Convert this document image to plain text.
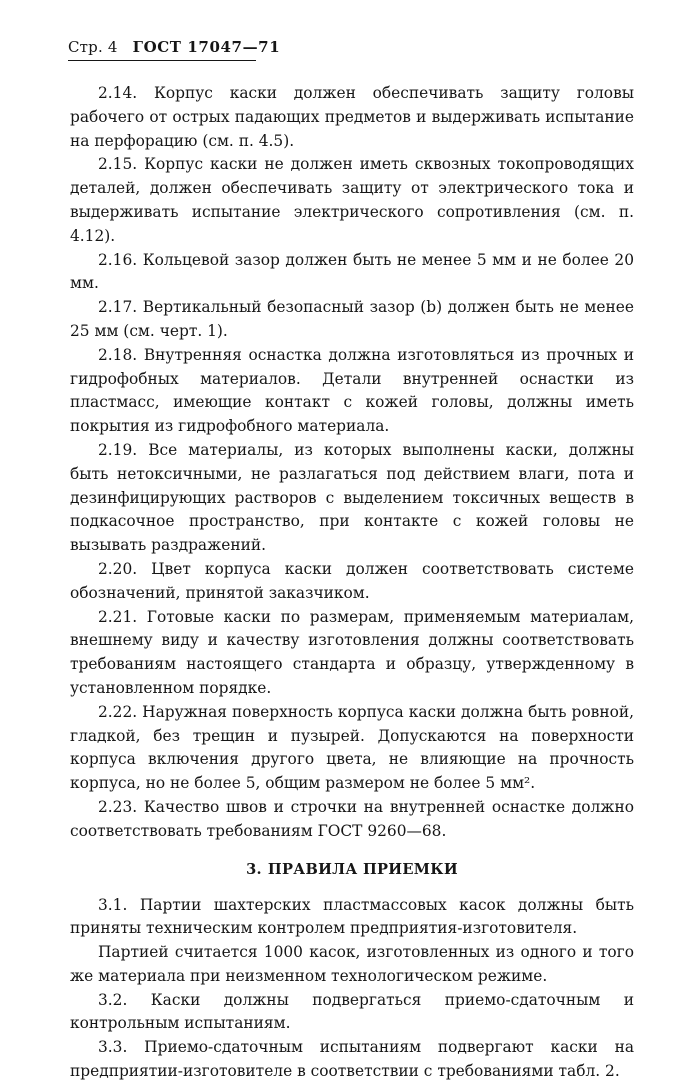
Стр. 4 ГОСТ 17047—71

2.14. Корпус каски должен обеспечивать защиту головы рабочего от острых падающих предметов и выдерживать испытание на перфорацию (см. п. 4.5).

2.15. Корпус каски не должен иметь сквозных токопроводящих деталей, должен обеспечивать защиту от электрического тока и выдерживать испытание электрического сопротивления (см. п. 4.12).

2.16. Кольцевой зазор должен быть не менее 5 мм и не более 20 мм.

2.17. Вертикальный безопасный зазор (b) должен быть не менее 25 мм (см. черт. 1).

2.18. Внутренняя оснастка должна изготовляться из прочных и гидрофобных материалов. Детали внутренней оснастки из пластмасс, имеющие контакт с кожей головы, должны иметь покрытия из гидрофобного материала.

2.19. Все материалы, из которых выполнены каски, должны быть нетоксичными, не разлагаться под действием влаги, пота и дезинфицирующих растворов с выделением токсичных веществ в подкасочное пространство, при контакте с кожей головы не вызывать раздражений.

2.20. Цвет корпуса каски должен соответствовать системе обозначений, принятой заказчиком.

2.21. Готовые каски по размерам, применяемым материалам, внешнему виду и качеству изготовления должны соответствовать требованиям настоящего стандарта и образцу, утвержденному в установленном порядке.

2.22. Наружная поверхность корпуса каски должна быть ровной, гладкой, без трещин и пузырей. Допускаются на поверхности корпуса включения другого цвета, не влияющие на прочность корпуса, но не более 5, общим размером не более 5 мм².

2.23. Качество швов и строчки на внутренней оснастке должно соответствовать требованиям ГОСТ 9260—68.

3. ПРАВИЛА ПРИЕМКИ

3.1. Партии шахтерских пластмассовых касок должны быть приняты техническим контролем предприятия-изготовителя.

Партией считается 1000 касок, изготовленных из одного и того же материала при неизменном технологическом режиме.

3.2. Каски должны подвергаться приемо-сдаточным и контрольным испытаниям.

3.3. Приемо-сдаточным испытаниям подвергают каски на предприятии-изготовителе в соответствии с требованиями табл. 2.
